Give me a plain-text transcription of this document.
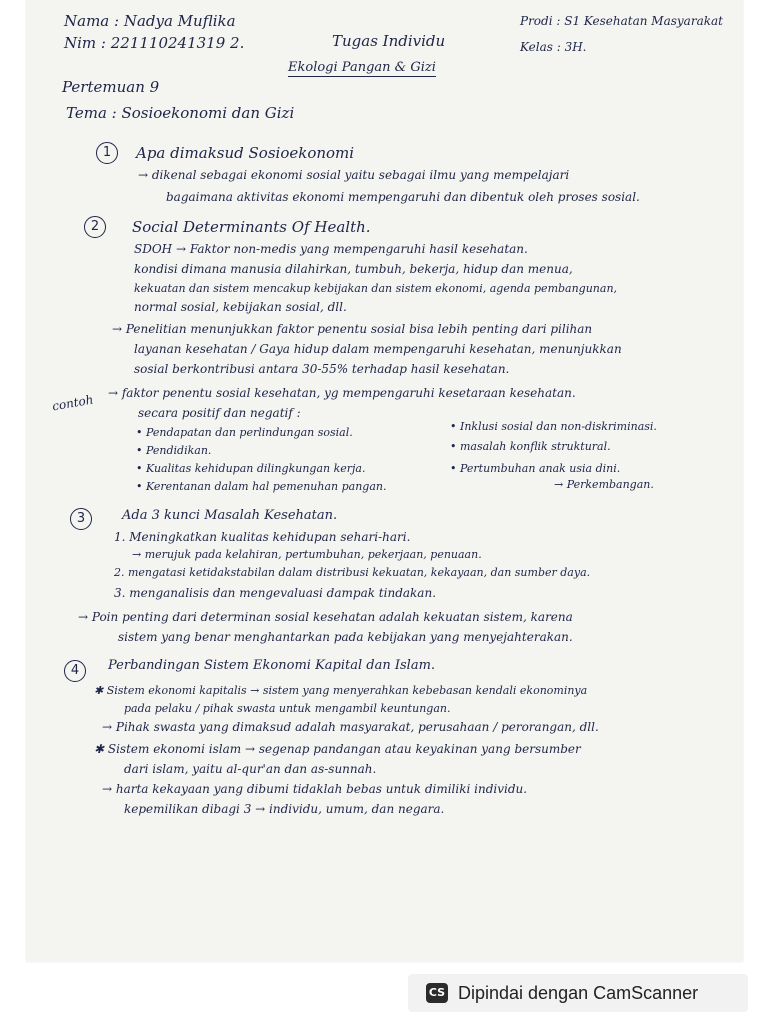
Nama : Nadya Muflika
Nim : 221110241319 2.
Prodi : S1 Kesehatan Masyarakat
Kelas : 3H.
Tugas Individu
Ekologi Pangan & Gizi
Pertemuan 9
Tema : Sosioekonomi dan Gizi
1	Apa dimaksud Sosioekonomi
→ dikenal sebagai ekonomi sosial yaitu sebagai ilmu yang mempelajari
bagaimana aktivitas ekonomi mempengaruhi dan dibentuk oleh proses sosial.
2	Social Determinants Of Health.
SDOH → Faktor non-medis yang mempengaruhi hasil kesehatan.
kondisi dimana manusia dilahirkan, tumbuh, bekerja, hidup dan menua,
kekuatan dan sistem mencakup kebijakan dan sistem ekonomi, agenda pembangunan,
normal sosial, kebijakan sosial, dll.
→ Penelitian menunjukkan faktor penentu sosial bisa lebih penting dari pilihan
layanan kesehatan / Gaya hidup dalam mempengaruhi kesehatan, menunjukkan
sosial berkontribusi antara 30-55% terhadap hasil kesehatan.
contoh → faktor penentu sosial kesehatan, yg mempengaruhi kesetaraan kesehatan.
secara positif dan negatif :
• Pendapatan dan perlindungan sosial.
• Pendidikan.
• Kualitas kehidupan dilingkungan kerja.
• Kerentanan dalam hal pemenuhan pangan.
• Inklusi sosial dan non-diskriminasi.
• masalah konflik struktural.
• Pertumbuhan anak usia dini.
→ Perkembangan.
3	Ada 3 kunci Masalah Kesehatan.
1. Meningkatkan kualitas kehidupan sehari-hari.
→ merujuk pada kelahiran, pertumbuhan, pekerjaan, penuaan.
2. mengatasi ketidakstabilan dalam distribusi kekuatan, kekayaan, dan sumber daya.
3. menganalisis dan mengevaluasi dampak tindakan.
→ Poin penting dari determinan sosial kesehatan adalah kekuatan sistem, karena
sistem yang benar menghantarkan pada kebijakan yang menyejahterakan.
4	Perbandingan Sistem Ekonomi Kapital dan Islam.
✱ Sistem ekonomi kapitalis → sistem yang menyerahkan kebebasan kendali ekonominya
pada pelaku / pihak swasta untuk mengambil keuntungan.
→ Pihak swasta yang dimaksud adalah masyarakat, perusahaan / perorangan, dll.
✱ Sistem ekonomi islam → segenap pandangan atau keyakinan yang bersumber
dari islam, yaitu al-qur'an dan as-sunnah.
→ harta kekayaan yang dibumi tidaklah bebas untuk dimiliki individu.
kepemilikan dibagi 3 → individu, umum, dan negara.
CS Dipindai dengan CamScanner
